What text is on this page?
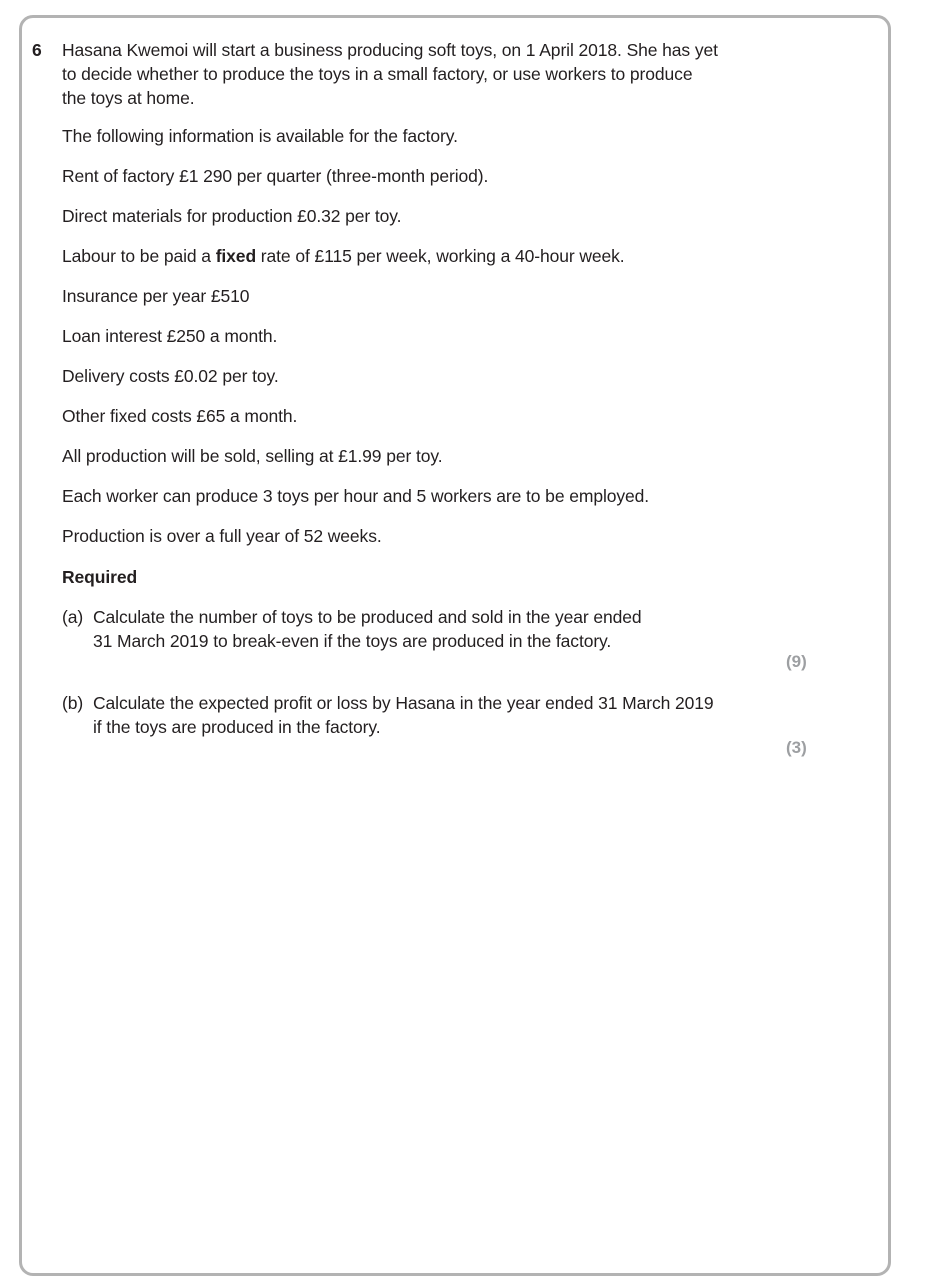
6 Hasana Kwemoi will start a business producing soft toys, on 1 April 2018. She has yet
to decide whether to produce the toys in a small factory, or use workers to produce
the toys at home.
The following information is available for the factory.
Rent of factory £1 290 per quarter (three-month period).
Direct materials for production £0.32 per toy.
Labour to be paid a fixed rate of £115 per week, working a 40-hour week.
Insurance per year £510
Loan interest £250 a month.
Delivery costs £0.02 per toy.
Other fixed costs £65 a month.
All production will be sold, selling at £1.99 per toy.
Each worker can produce 3 toys per hour and 5 workers are to be employed.
Production is over a full year of 52 weeks.
Required
(a) Calculate the number of toys to be produced and sold in the year ended
31 March 2019 to break-even if the toys are produced in the factory.
(9)
(b) Calculate the expected profit or loss by Hasana in the year ended 31 March 2019
if the toys are produced in the factory.
(3)
